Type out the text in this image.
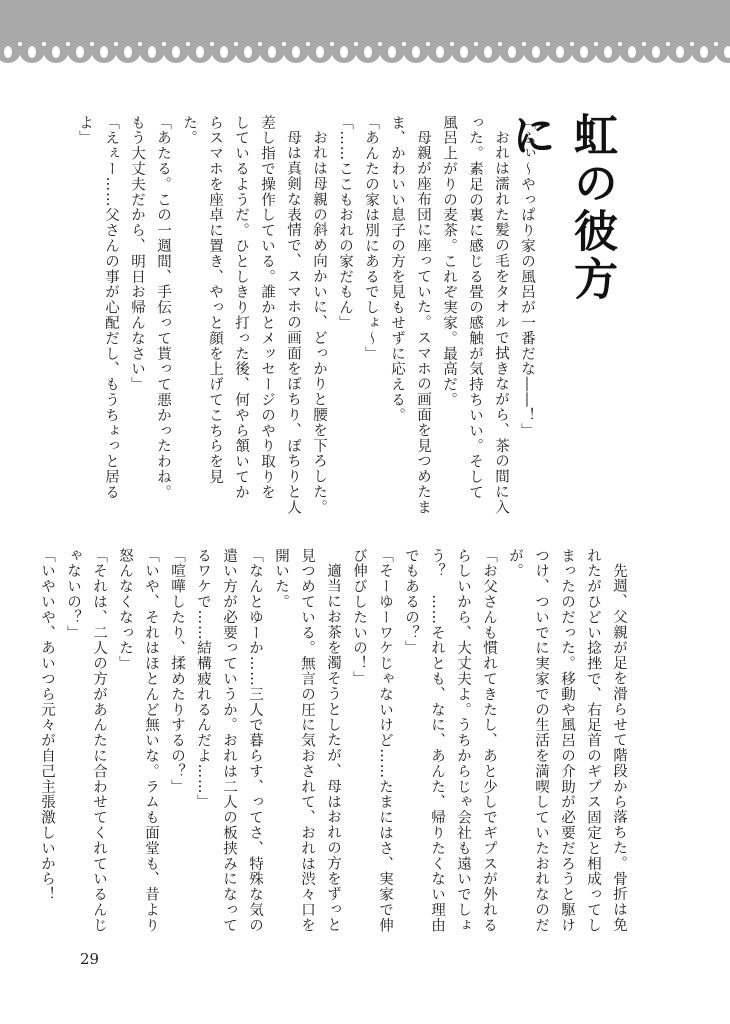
虹の彼方に

「ふぃ〜やっぱり家の風呂が一番だな――！」

おれは濡れた髪の毛をタオルで拭きながら、茶の間に入った。素足の裏に感じる畳の感触が気持ちいい。そして風呂上がりの麦茶。これぞ実家。最高だ。

母親が座布団に座っていた。スマホの画面を見つめたまま、かわいい息子の方を見もせずに応える。

「あんたの家は別にあるでしょ〜」

「……ここもおれの家だもん」

おれは母親の斜め向かいに、どっかりと腰を下ろした。

母は真剣な表情で、スマホの画面をぽちり、ぽちりと人差し指で操作している。誰かとメッセージのやり取りをしているようだ。ひとしきり打った後、何やら頷いてからスマホを座卓に置き、やっと顔を上げてこちらを見た。

「あたる。この一週間、手伝って貰って悪かったわね。もう大丈夫だから、明日お帰んなさい」

「えぇー……父さんの事が心配だし、もうちょっと居るよ」

先週、父親が足を滑らせて階段から落ちた。骨折は免れたがひどい捻挫で、右足首のギプス固定と相成ってしまったのだった。移動や風呂の介助が必要だろうと駆けつけ、ついでに実家での生活を満喫していたおれなのだが。

「お父さんも慣れてきたし、あと少しでギプスが外れるらしいから、大丈夫よ。うちからじゃ会社も遠いでしょう？　……それとも、なに、あんた、帰りたくない理由でもあるの？」

「そーゆーワケじゃないけど……たまにはさ、実家で伸び伸びしたいの！」

適当にお茶を濁そうとしたが、母はおれの方をずっと見つめている。無言の圧に気おされて、おれは渋々口を開いた。

「なんとゆーか……三人で暮らす、ってさ、特殊な気の遣い方が必要っていうか。おれは二人の板挟みになってるワケで……結構疲れるんだよ……」

「喧嘩したり、揉めたりするの？」

「いや、それはほとんど無いな。ラムも面堂も、昔より怒んなくなった」

「それは、二人の方があんたに合わせてくれているんじゃないの？」

「いやいや、あいつら元々が自己主張激しいから！

29
